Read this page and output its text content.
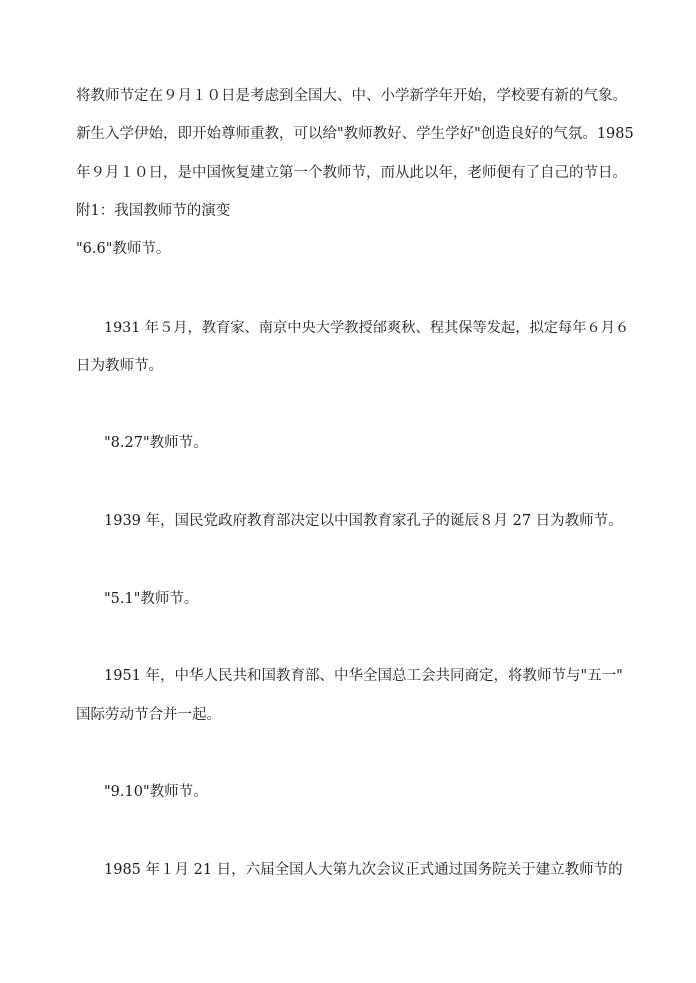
将教师节定在９月１０日是考虑到全国大、中、小学新学年开始，学校要有新的气象。
新生入学伊始，即开始尊师重教，可以给"教师教好、学生学好"创造良好的气氛。1985
年９月１０日，是中国恢复建立第一个教师节，而从此以年，老师便有了自己的节日。
附1：我国教师节的演变
"6.6"教师节。
1931 年５月，教育家、南京中央大学教授邰爽秋、程其保等发起，拟定每年６月６
日为教师节。
"8.27"教师节。
1939 年，国民党政府教育部决定以中国教育家孔子的诞辰８月 27 日为教师节。
"5.1"教师节。
1951 年，中华人民共和国教育部、中华全国总工会共同商定，将教师节与"五一"
国际劳动节合并一起。
"9.10"教师节。
1985 年１月 21 日，六届全国人大第九次会议正式通过国务院关于建立教师节的
